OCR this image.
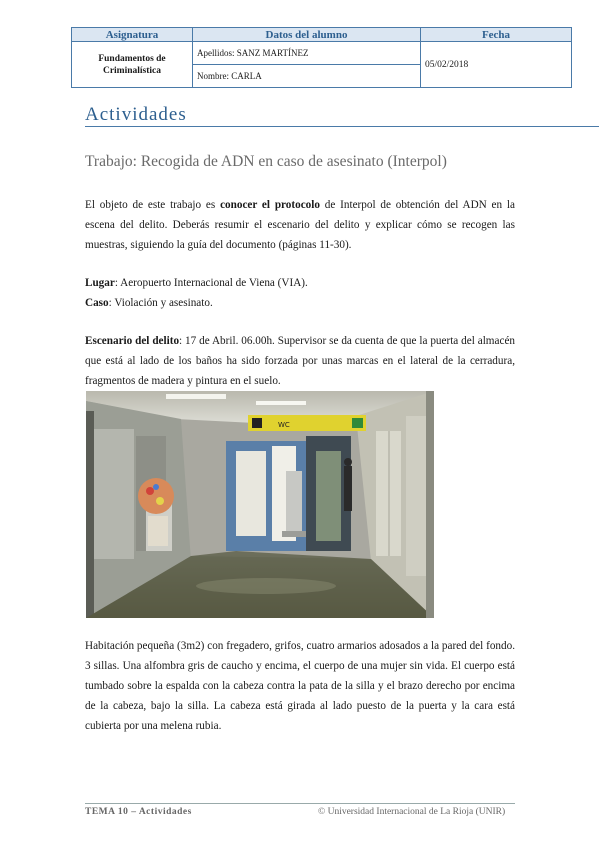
Asignatura	Datos del alumno	Fecha
Fundamentos de Criminalística	Apellidos: SANZ MARTÍNEZ	05/02/2018
	Nombre: CARLA	
Actividades
Trabajo: Recogida de ADN en caso de asesinato (Interpol)

El objeto de este trabajo es conocer el protocolo de Interpol de obtención del ADN en la escena del delito. Deberás resumir el escenario del delito y explicar cómo se recogen las muestras, siguiendo la guía del documento (páginas 11-30).

Lugar: Aeropuerto Internacional de Viena (VIA).
Caso: Violación y asesinato.

Escenario del delito: 17 de Abril. 06.00h. Supervisor se da cuenta de que la puerta del almacén que está al lado de los baños ha sido forzada por unas marcas en el lateral de la cerradura, fragmentos de madera y pintura en el suelo.

WC

Habitación pequeña (3m2) con fregadero, grifos, cuatro armarios adosados a la pared del fondo. 3 sillas. Una alfombra gris de caucho y encima, el cuerpo de una mujer sin vida. El cuerpo está tumbado sobre la espalda con la cabeza contra la pata de la silla y el brazo derecho por encima de la cabeza, bajo la silla. La cabeza está girada al lado puesto de la puerta y la cara está cubierta por una melena rubia.

TEMA 10 – Actividades	© Universidad Internacional de La Rioja (UNIR)
